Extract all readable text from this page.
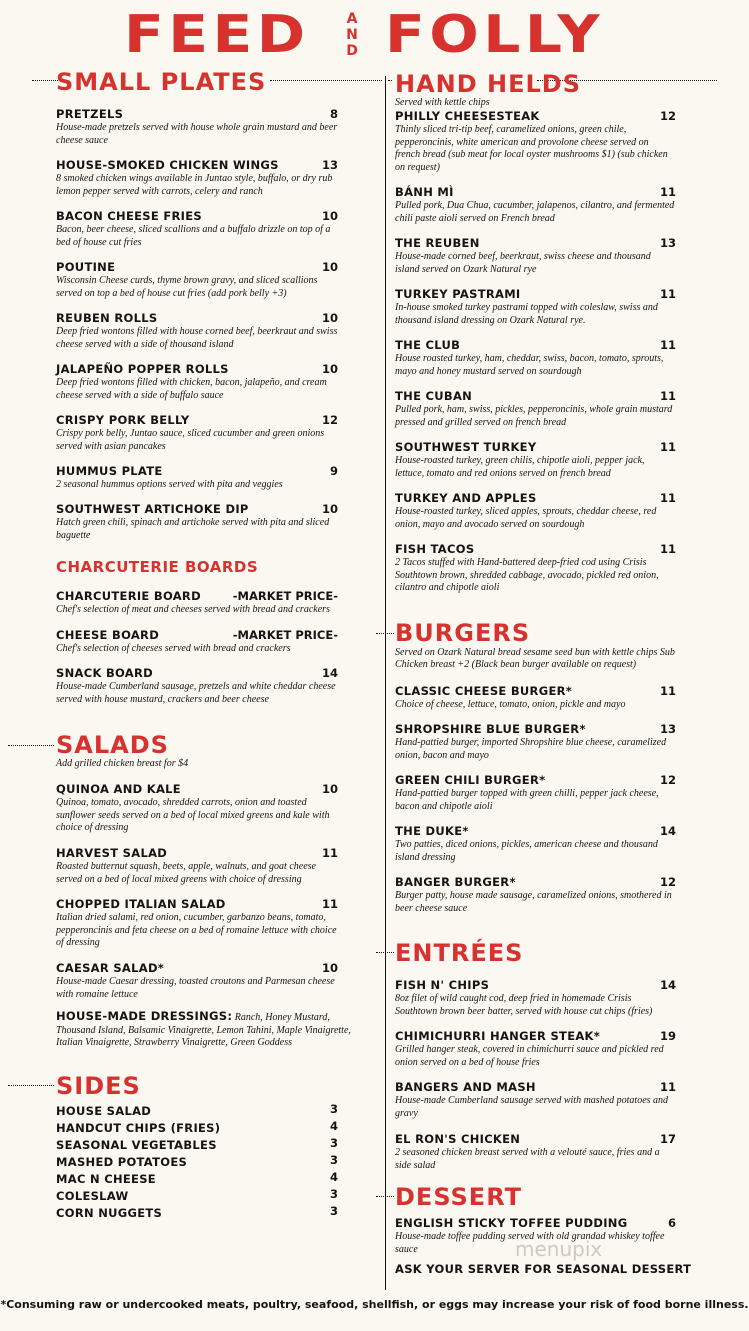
FEED	AND FOLLY
SMALL PLATES
PRETZELS	8
House-made pretzels served with house whole grain mustard and beer cheese sauce
HOUSE-SMOKED CHICKEN WINGS	13
8 smoked chicken wings available in Juntao style, buffalo, or dry rub lemon pepper served with carrots, celery and ranch
BACON CHEESE FRIES	10
Bacon, beer cheese, sliced scallions and a buffalo drizzle on top of a bed of house cut fries
POUTINE	10
Wisconsin Cheese curds, thyme brown gravy, and sliced scallions served on top a bed of house cut fries (add pork belly +3)
REUBEN ROLLS	10
Deep fried wontons filled with house corned beef, beerkraut and swiss cheese served with a side of thousand island
JALAPEÑO POPPER ROLLS	10
Deep fried wontons filled with chicken, bacon, jalapeño, and cream cheese served with a side of buffalo sauce
CRISPY PORK BELLY	12
Crispy pork belly, Juntao sauce, sliced cucumber and green onions served with asian pancakes
HUMMUS PLATE	9
2 seasonal hummus options served with pita and veggies
SOUTHWEST ARTICHOKE DIP	10
Hatch green chili, spinach and artichoke served with pita and sliced baguette
CHARCUTERIE BOARDS
CHARCUTERIE BOARD	-MARKET PRICE-
Chef's selection of meat and cheeses served with bread and crackers
CHEESE BOARD	-MARKET PRICE-
Chef's selection of cheeses served with bread and crackers
SNACK BOARD	14
House-made Cumberland sausage, pretzels and white cheddar cheese served with house mustard, crackers and beer cheese
SALADS
Add grilled chicken breast for $4
QUINOA AND KALE	10
Quinoa, tomato, avocado, shredded carrots, onion and toasted sunflower seeds served on a bed of local mixed greens and kale with choice of dressing
HARVEST SALAD	11
Roasted butternut squash, beets, apple, walnuts, and goat cheese served on a bed of local mixed greens with choice of dressing
CHOPPED ITALIAN SALAD	11
Italian dried salami, red onion, cucumber, garbanzo beans, tomato, pepperoncinis and feta cheese on a bed of romaine lettuce with choice of dressing
CAESAR SALAD*	10
House-made Caesar dressing, toasted croutons and Parmesan cheese with romaine lettuce
HOUSE-MADE DRESSINGS: Ranch, Honey Mustard, Thousand Island, Balsamic Vinaigrette, Lemon Tahini, Maple Vinaigrette, Italian Vinaigrette, Strawberry Vinaigrette, Green Goddess
SIDES
HOUSE SALAD	3
HANDCUT CHIPS (FRIES)	4
SEASONAL VEGETABLES	3
MASHED POTATOES	3
MAC N CHEESE	4
COLESLAW	3
CORN NUGGETS	3
HAND HELDS
Served with kettle chips
PHILLY CHEESESTEAK	12
Thinly sliced tri-tip beef, caramelized onions, green chile, pepperoncinis, white american and provolone cheese served on french bread (sub meat for local oyster mushrooms $1) (sub chicken on request)
BÁNH MÌ	11
Pulled pork, Dua Chua, cucumber, jalapenos, cilantro, and fermented chili paste aioli served on French bread
THE REUBEN	13
House-made corned beef, beerkraut, swiss cheese and thousand island served on Ozark Natural rye
TURKEY PASTRAMI	11
In-house smoked turkey pastrami topped with coleslaw, swiss and thousand island dressing on Ozark Natural rye.
THE CLUB	11
House roasted turkey, ham, cheddar, swiss, bacon, tomato, sprouts, mayo and honey mustard served on sourdough
THE CUBAN	11
Pulled pork, ham, swiss, pickles, pepperoncinis, whole grain mustard pressed and grilled served on french bread
SOUTHWEST TURKEY	11
House-roasted turkey, green chilis, chipotle aioli, pepper jack, lettuce, tomato and red onions served on french bread
TURKEY AND APPLES	11
House-roasted turkey, sliced apples, sprouts, cheddar cheese, red onion, mayo and avocado served on sourdough
FISH TACOS	11
2 Tacos stuffed with Hand-battered deep-fried cod using Crisis Southtown brown, shredded cabbage, avocado, pickled red onion, cilantro and chipotle aioli
BURGERS
Served on Ozark Natural bread sesame seed bun with kettle chips Sub Chicken breast +2 (Black bean burger available on request)
CLASSIC CHEESE BURGER*	11
Choice of cheese, lettuce, tomato, onion, pickle and mayo
SHROPSHIRE BLUE BURGER*	13
Hand-pattied burger, imported Shropshire blue cheese, caramelized onion, bacon and mayo
GREEN CHILI BURGER*	12
Hand-pattied burger topped with green chilli, pepper jack cheese, bacon and chipotle aioli
THE DUKE*	14
Two patties, diced onions, pickles, american cheese and thousand island dressing
BANGER BURGER*	12
Burger patty, house made sausage, caramelized onions, smothered in beer cheese sauce
ENTRÉES
FISH N' CHIPS	14
8oz filet of wild caught cod, deep fried in homemade Crisis Southtown brown beer batter, served with house cut chips (fries)
CHIMICHURRI HANGER STEAK*	19
Grilled hanger steak, covered in chimichurri sauce and pickled red onion served on a bed of house fries
BANGERS AND MASH	11
House-made Cumberland sausage served with mashed potatoes and gravy
EL RON'S CHICKEN	17
2 seasoned chicken breast served with a velouté sauce, fries and a side salad
DESSERT
ENGLISH STICKY TOFFEE PUDDING	6
House-made toffee pudding served with old grandad whiskey toffee sauce
ASK YOUR SERVER FOR SEASONAL DESSERT
menupix
*Consuming raw or undercooked meats, poultry, seafood, shellfish, or eggs may increase your risk of food borne illness.
